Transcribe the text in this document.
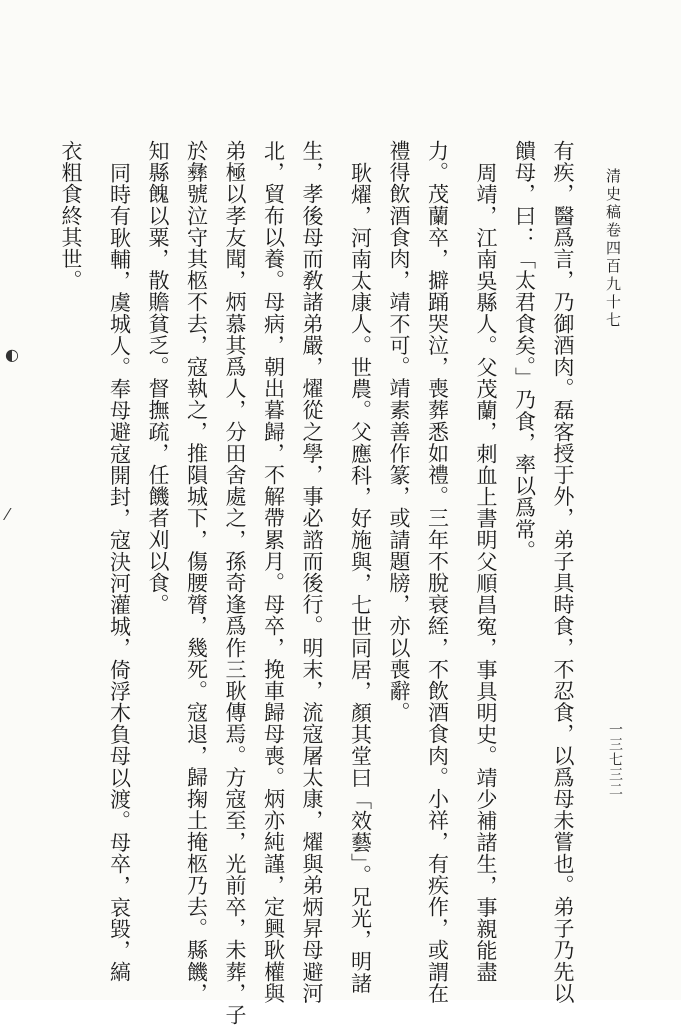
清史稿卷四百九十七
一三七三二

有疾，醫爲言，乃御酒肉。磊客授于外，弟子具時食，不忍食，以爲母未嘗也。弟子乃先以

饋母，曰：「太君食矣。」乃食，率以爲常。

周靖，江南吳縣人。父茂蘭，刺血上書明父順昌寃，事具明史。靖少補諸生，事親能盡

力。茂蘭卒，擗踊哭泣，喪葬悉如禮。三年不脫衰絰，不飲酒食肉。小祥，有疾作，或謂在

禮得飲酒食肉，靖不可。靖素善作篆，或請題牓，亦以喪辭。

耿燿，河南太康人。世農。父應科，好施與，七世同居，顏其堂曰「效藝」。兄光，明諸

生，孝後母而敎諸弟嚴，燿從之學，事必諮而後行。明末，流寇屠太康，燿與弟炳昇母避河

北，貿布以養。母病，朝出暮歸，不解帶累月。母卒，挽車歸母喪。炳亦純謹，定興耿權與

弟極以孝友聞，炳慕其爲人，分田舍處之，孫奇逢爲作三耿傳焉。方寇至，光前卒，未葬，子

於彝號泣守其柩不去，寇執之，推隕城下，傷腰膂，幾死。寇退，歸掬土掩柩乃去。縣饑，

知縣餽以粟，散贍貧乏。督撫疏，任饑者刈以食。

同時有耿輔，虞城人。奉母避寇開封，寇決河灌城，倚浮木負母以渡。母卒，哀毀，縞

衣粗食終其世。

◐
⁄
